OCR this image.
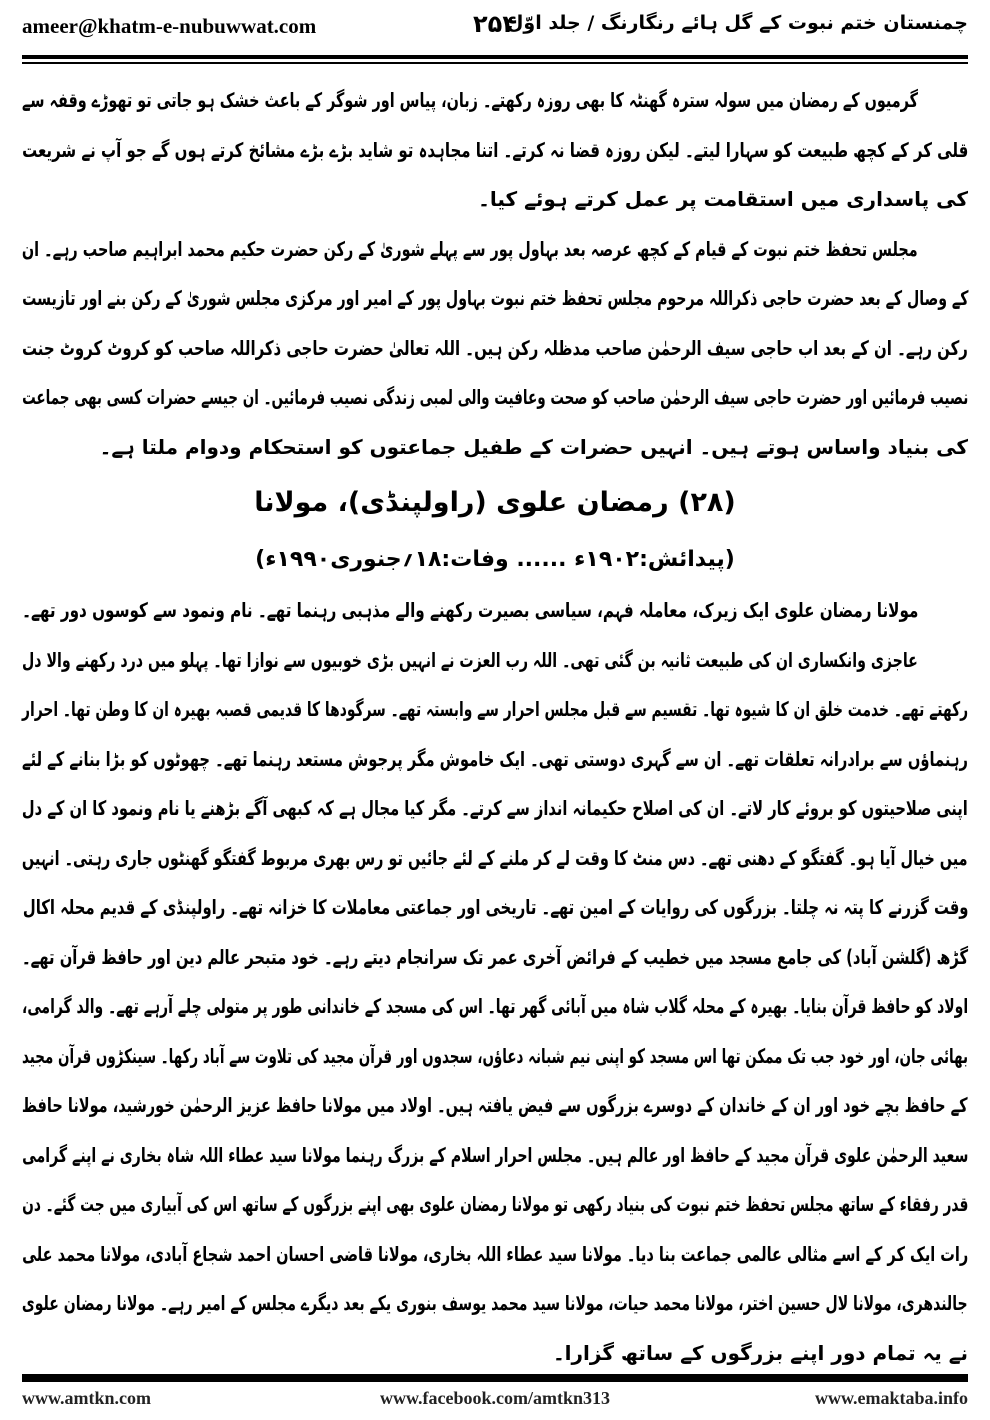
ameer@khatm-e-nubuwwat.com	۲۵۴
چمنستان ختم نبوت کے گل ہائے رنگارنگ / جلد اوّل
گرمیوں کے رمضان میں سولہ سترہ گھنٹہ کا بھی روزہ رکھتے۔ زبان، پیاس اور شوگر کے باعث خشک ہو جاتی تو تھوڑے وقفہ سے
قلی کر کے کچھ طبیعت کو سہارا لیتے۔ لیکن روزہ قضا نہ کرتے۔ اتنا مجاہدہ تو شاید بڑے بڑے مشائخ کرتے ہوں گے جو آپ نے شریعت
کی پاسداری میں استقامت پر عمل کرتے ہوئے کیا۔
مجلس تحفظ ختم نبوت کے قیام کے کچھ عرصہ بعد بہاول پور سے پہلے شوریٰ کے رکن حضرت حکیم محمد ابراہیم صاحب رہے۔ ان
کے وصال کے بعد حضرت حاجی ذکراللہ مرحوم مجلس تحفظ ختم نبوت بہاول پور کے امیر اور مرکزی مجلس شوریٰ کے رکن بنے اور تازیست
رکن رہے۔ ان کے بعد اب حاجی سیف الرحمٰن صاحب مدظلہ رکن ہیں۔ اللہ تعالیٰ حضرت حاجی ذکراللہ صاحب کو کروٹ کروٹ جنت
نصیب فرمائیں اور حضرت حاجی سیف الرحمٰن صاحب کو صحت وعافیت والی لمبی زندگی نصیب فرمائیں۔ ان جیسے حضرات کسی بھی جماعت
کی بنیاد واساس ہوتے ہیں۔ انہیں حضرات کے طفیل جماعتوں کو استحکام ودوام ملتا ہے۔
(۲۸) رمضان علوی (راولپنڈی)، مولانا
(پیدائش:۱۹۰۲ء ...... وفات:۱۸؍جنوری۱۹۹۰ء)
مولانا رمضان علوی ایک زیرک، معاملہ فہم، سیاسی بصیرت رکھنے والے مذہبی رہنما تھے۔ نام ونمود سے کوسوں دور تھے۔
عاجزی وانکساری ان کی طبیعت ثانیہ بن گئی تھی۔ اللہ رب العزت نے انہیں بڑی خوبیوں سے نوازا تھا۔ پہلو میں درد رکھنے والا دل
رکھتے تھے۔ خدمت خلق ان کا شیوہ تھا۔ تقسیم سے قبل مجلس احرار سے وابستہ تھے۔ سرگودھا کا قدیمی قصبہ بھیرہ ان کا وطن تھا۔ احرار
رہنماؤں سے برادرانہ تعلقات تھے۔ ان سے گہری دوستی تھی۔ ایک خاموش مگر پرجوش مستعد رہنما تھے۔ چھوٹوں کو بڑا بنانے کے لئے
اپنی صلاحیتوں کو بروئے کار لاتے۔ ان کی اصلاح حکیمانہ انداز سے کرتے۔ مگر کیا مجال ہے کہ کبھی آگے بڑھنے یا نام ونمود کا ان کے دل
میں خیال آیا ہو۔ گفتگو کے دھنی تھے۔ دس منٹ کا وقت لے کر ملنے کے لئے جائیں تو رس بھری مربوط گفتگو گھنٹوں جاری رہتی۔ انہیں
وقت گزرنے کا پتہ نہ چلتا۔ بزرگوں کی روایات کے امین تھے۔ تاریخی اور جماعتی معاملات کا خزانہ تھے۔ راولپنڈی کے قدیم محلہ اکال
گڑھ (گلشن آباد) کی جامع مسجد میں خطیب کے فرائض آخری عمر تک سرانجام دیتے رہے۔ خود متبحر عالم دین اور حافظ قرآن تھے۔
اولاد کو حافظ قرآن بنایا۔ بھیرہ کے محلہ گلاب شاہ میں آبائی گھر تھا۔ اس کی مسجد کے خاندانی طور پر متولی چلے آرہے تھے۔ والد گرامی،
بھائی جان، اور خود جب تک ممکن تھا اس مسجد کو اپنی نیم شبانہ دعاؤں، سجدوں اور قرآن مجید کی تلاوت سے آباد رکھا۔ سینکڑوں قرآن مجید
کے حافظ بچے خود اور ان کے خاندان کے دوسرے بزرگوں سے فیض یافتہ ہیں۔ اولاد میں مولانا حافظ عزیز الرحمٰن خورشید، مولانا حافظ
سعید الرحمٰن علوی قرآن مجید کے حافظ اور عالم ہیں۔ مجلس احرار اسلام کے بزرگ رہنما مولانا سید عطاء اللہ شاہ بخاری نے اپنے گرامی
قدر رفقاء کے ساتھ مجلس تحفظ ختم نبوت کی بنیاد رکھی تو مولانا رمضان علوی بھی اپنے بزرگوں کے ساتھ اس کی آبیاری میں جت گئے۔ دن
رات ایک کر کے اسے مثالی عالمی جماعت بنا دیا۔ مولانا سید عطاء اللہ بخاری، مولانا قاضی احسان احمد شجاع آبادی، مولانا محمد علی
جالندھری، مولانا لال حسین اختر، مولانا محمد حیات، مولانا سید محمد یوسف بنوری یکے بعد دیگرے مجلس کے امیر رہے۔ مولانا رمضان علوی
نے یہ تمام دور اپنے بزرگوں کے ساتھ گزارا۔
www.amtkn.com	www.facebook.com/amtkn313	www.emaktaba.info
